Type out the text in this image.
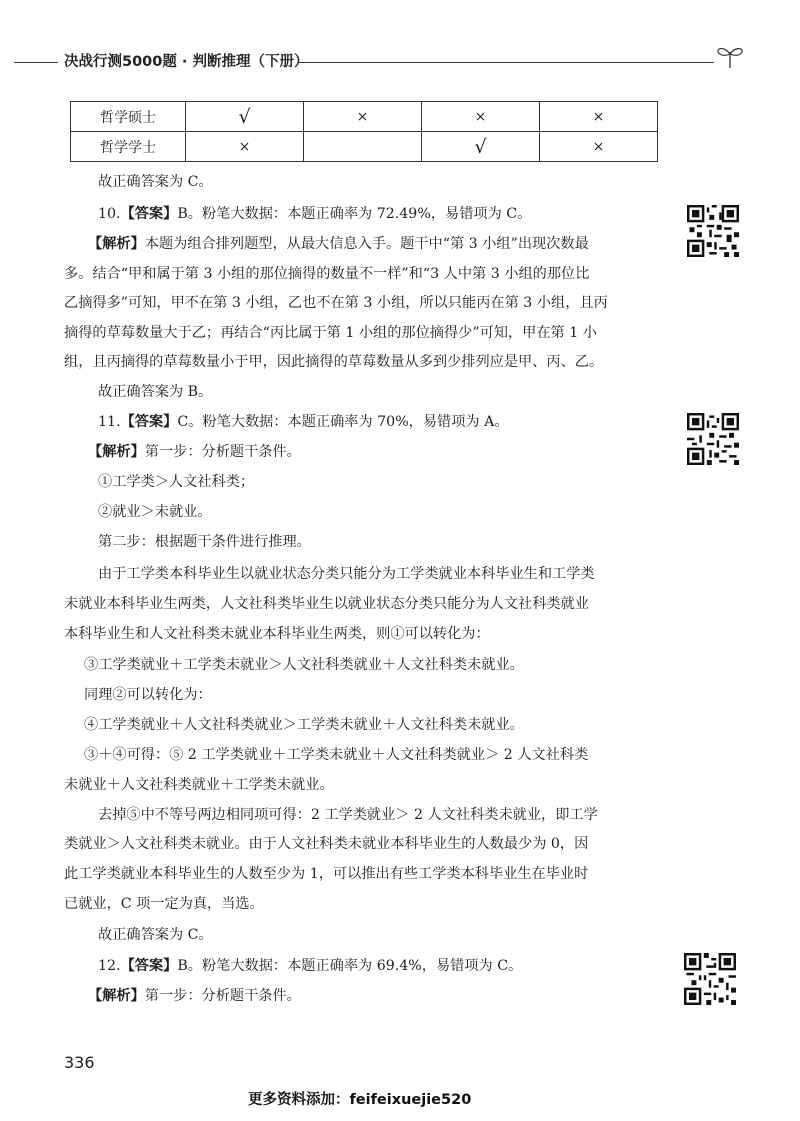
决战行测5000题 · 判断推理（下册）
哲学硕士	√	×	×	×
哲学学士	×		√	×

故正确答案为 C。

10.【答案】B。粉笔大数据：本题正确率为 72.49%，易错项为 C。

【解析】本题为组合排列题型，从最大信息入手。题干中“第 3 小组”出现次数最

多。结合“甲和属于第 3 小组的那位摘得的数量不一样”和“3 人中第 3 小组的那位比

乙摘得多”可知，甲不在第 3 小组，乙也不在第 3 小组，所以只能丙在第 3 小组，且丙

摘得的草莓数量大于乙；再结合“丙比属于第 1 小组的那位摘得少”可知，甲在第 1 小

组，且丙摘得的草莓数量小于甲，因此摘得的草莓数量从多到少排列应是甲、丙、乙。

故正确答案为 B。

11.【答案】C。粉笔大数据：本题正确率为 70%，易错项为 A。

【解析】第一步：分析题干条件。

①工学类＞人文社科类；

②就业＞未就业。

第二步：根据题干条件进行推理。

由于工学类本科毕业生以就业状态分类只能分为工学类就业本科毕业生和工学类

未就业本科毕业生两类，人文社科类毕业生以就业状态分类只能分为人文社科类就业

本科毕业生和人文社科类未就业本科毕业生两类，则①可以转化为：

③工学类就业＋工学类未就业＞人文社科类就业＋人文社科类未就业。

同理②可以转化为：

④工学类就业＋人文社科类就业＞工学类未就业＋人文社科类未就业。

③＋④可得：⑤ 2 工学类就业＋工学类未就业＋人文社科类就业＞ 2 人文社科类

未就业＋人文社科类就业＋工学类未就业。

去掉⑤中不等号两边相同项可得：2 工学类就业＞ 2 人文社科类未就业，即工学

类就业＞人文社科类未就业。由于人文社科类未就业本科毕业生的人数最少为 0，因

此工学类就业本科毕业生的人数至少为 1，可以推出有些工学类本科毕业生在毕业时

已就业，C 项一定为真，当选。

故正确答案为 C。

12.【答案】B。粉笔大数据：本题正确率为 69.4%，易错项为 C。

【解析】第一步：分析题干条件。

336
更多资料添加：feifeixuejie520
